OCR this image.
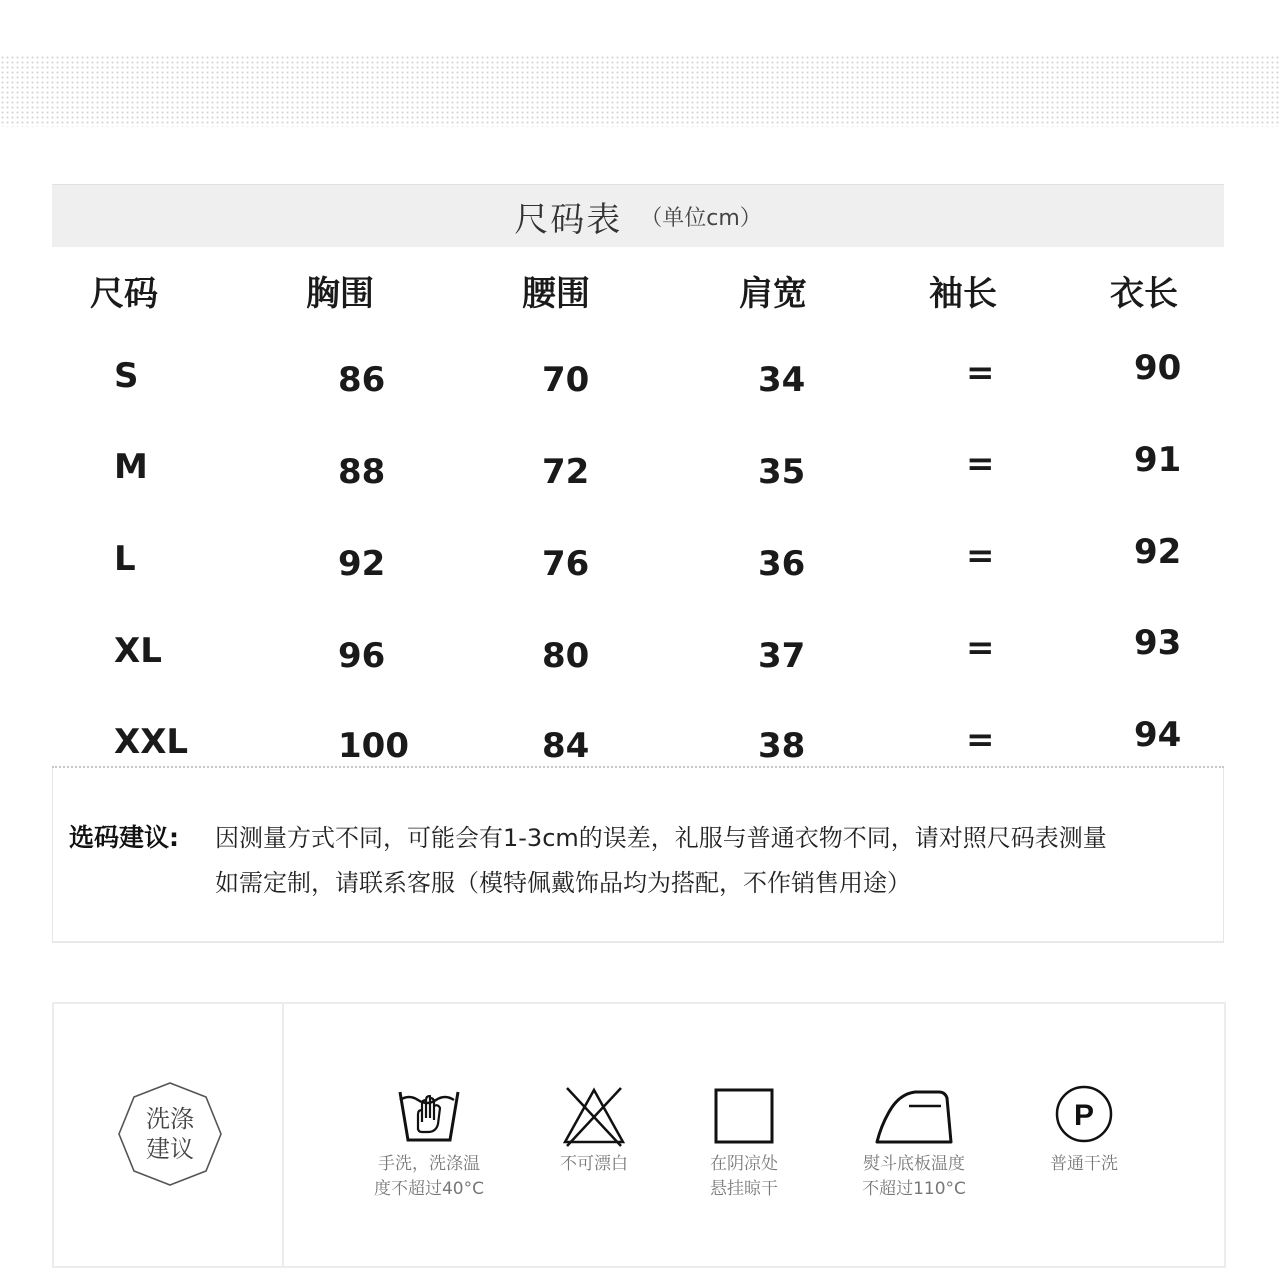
尺码表 （单位cm）
尺码	胸围	腰围	肩宽	袖长	衣长
S	86	70	34	=	90
M	88	72	35	=	91
L	92	76	36	=	92
XL	96	80	37	=	93
XXL	100	84	38	=	94
选码建议: 因测量方式不同，可能会有1-3cm的误差，礼服与普通衣物不同，请对照尺码表测量
如需定制，请联系客服（模特佩戴饰品均为搭配，不作销售用途）
洗涤
建议
手洗，洗涤温
度不超过40°C
不可漂白	在阴凉处
悬挂晾干
熨斗底板温度
不超过110°C
P
普通干洗
